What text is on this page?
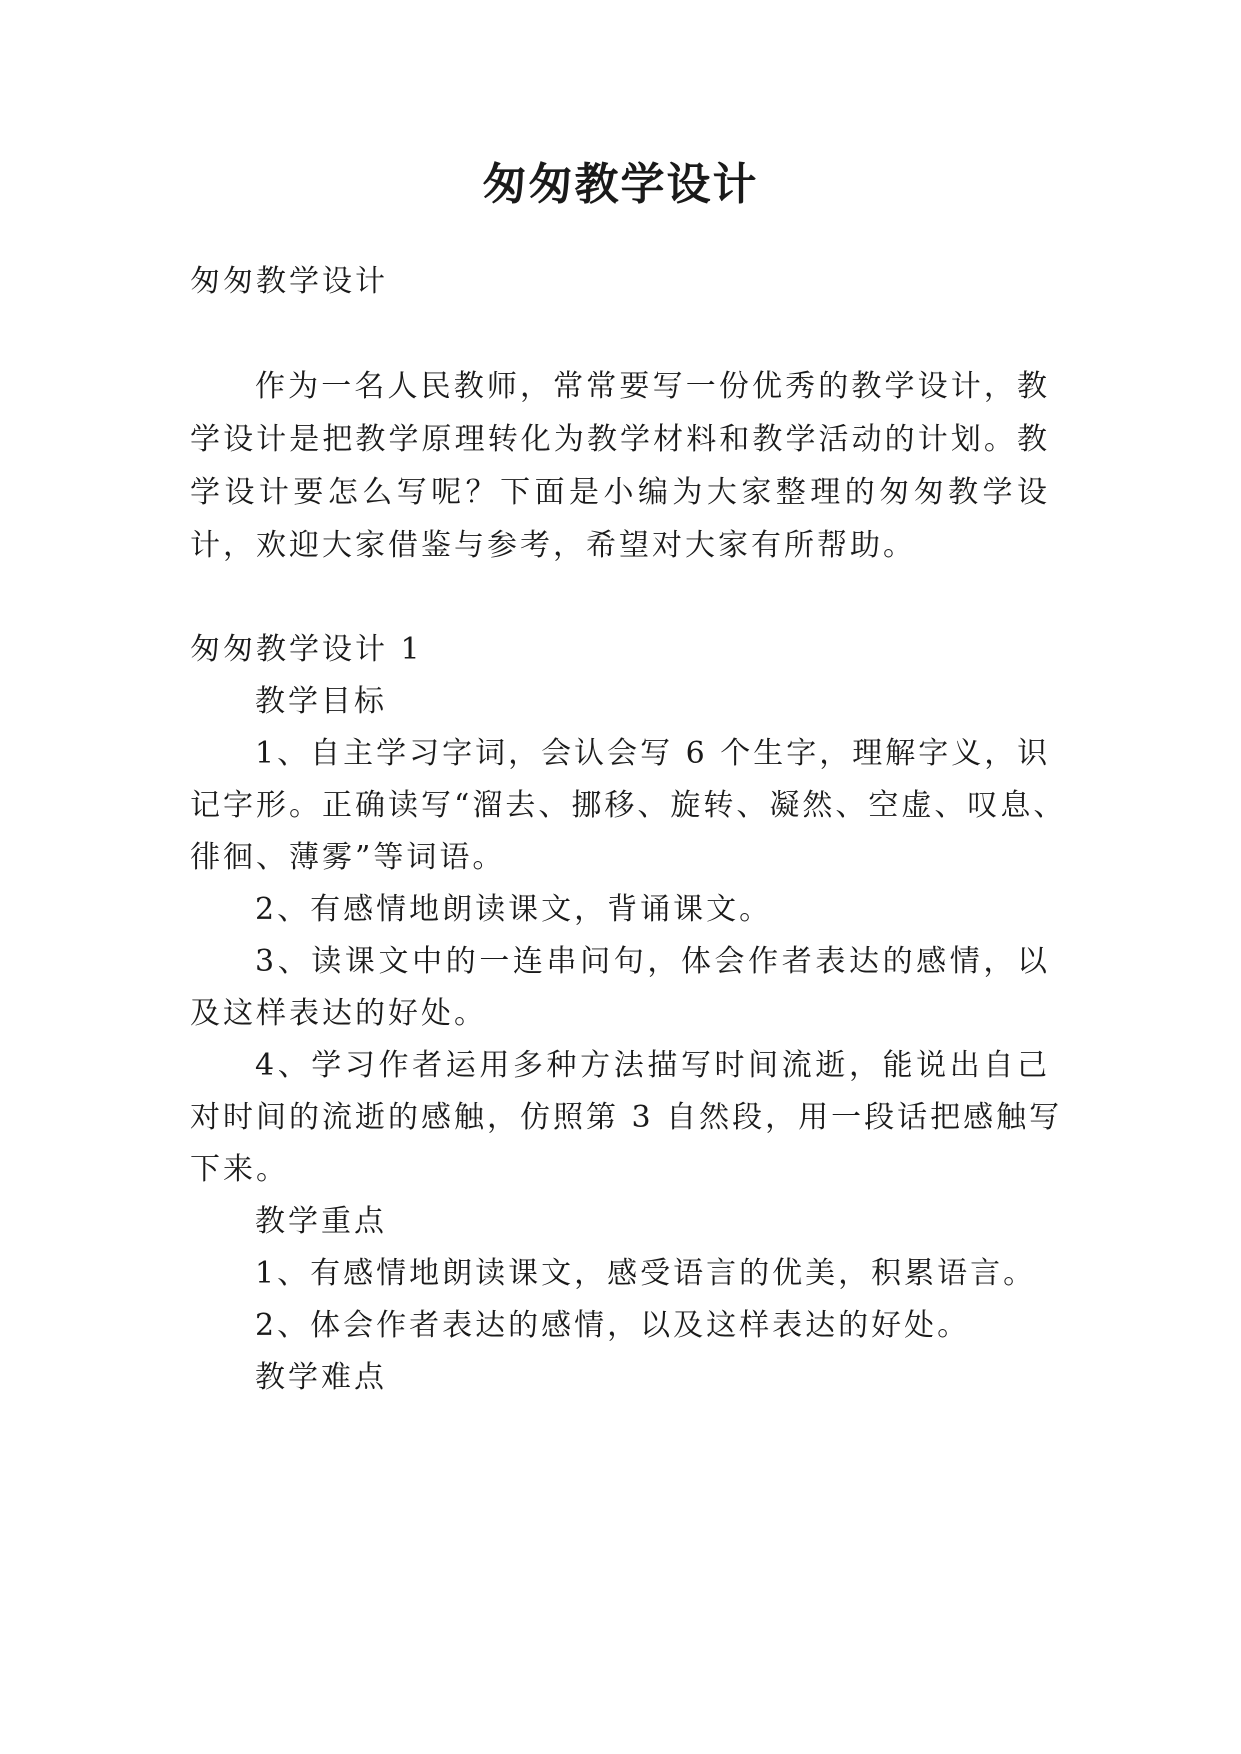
匆匆教学设计
匆匆教学设计
作为一名人民教师，常常要写一份优秀的教学设计，教
学设计是把教学原理转化为教学材料和教学活动的计划。教
学设计要怎么写呢？下面是小编为大家整理的匆匆教学设
计，欢迎大家借鉴与参考，希望对大家有所帮助。
匆匆教学设计 1
教学目标
1、自主学习字词，会认会写 6 个生字，理解字义，识
记字形。正确读写“溜去、挪移、旋转、凝然、空虚、叹息、
徘徊、薄雾”等词语。
2、有感情地朗读课文，背诵课文。
3、读课文中的一连串问句，体会作者表达的感情，以
及这样表达的好处。
4、学习作者运用多种方法描写时间流逝，能说出自己
对时间的流逝的感触，仿照第 3 自然段，用一段话把感触写
下来。
教学重点
1、有感情地朗读课文，感受语言的优美，积累语言。
2、体会作者表达的感情，以及这样表达的好处。
教学难点
